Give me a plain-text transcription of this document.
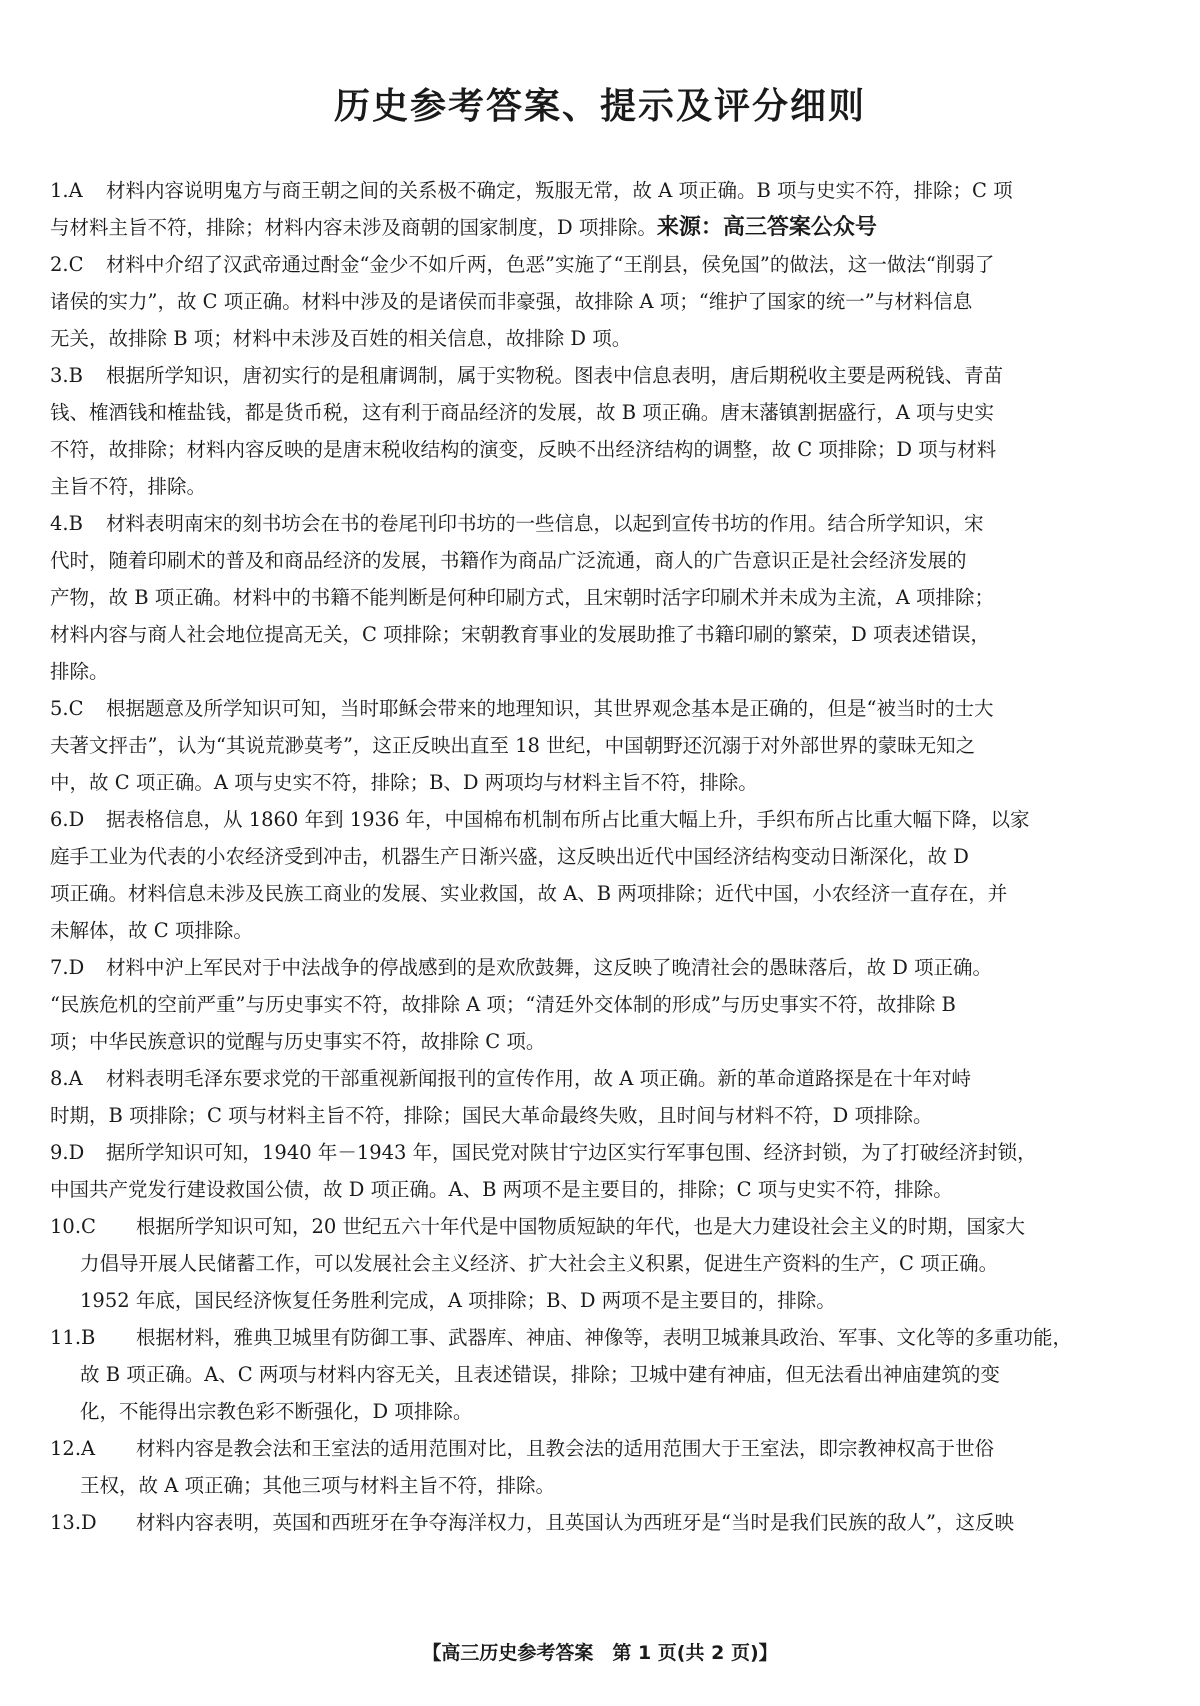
历史参考答案、提示及评分细则
1.A 材料内容说明鬼方与商王朝之间的关系极不确定，叛服无常，故 A 项正确。B 项与史实不符，排除；C 项
与材料主旨不符，排除；材料内容未涉及商朝的国家制度，D 项排除。来源：高三答案公众号
2.C 材料中介绍了汉武帝通过酎金“金少不如斤两，色恶”实施了“王削县，侯免国”的做法，这一做法“削弱了
诸侯的实力”，故 C 项正确。材料中涉及的是诸侯而非豪强，故排除 A 项；“维护了国家的统一”与材料信息
无关，故排除 B 项；材料中未涉及百姓的相关信息，故排除 D 项。
3.B 根据所学知识，唐初实行的是租庸调制，属于实物税。图表中信息表明，唐后期税收主要是两税钱、青苗
钱、榷酒钱和榷盐钱，都是货币税，这有利于商品经济的发展，故 B 项正确。唐末藩镇割据盛行，A 项与史实
不符，故排除；材料内容反映的是唐末税收结构的演变，反映不出经济结构的调整，故 C 项排除；D 项与材料
主旨不符，排除。
4.B 材料表明南宋的刻书坊会在书的卷尾刊印书坊的一些信息，以起到宣传书坊的作用。结合所学知识，宋
代时，随着印刷术的普及和商品经济的发展，书籍作为商品广泛流通，商人的广告意识正是社会经济发展的
产物，故 B 项正确。材料中的书籍不能判断是何种印刷方式，且宋朝时活字印刷术并未成为主流，A 项排除；
材料内容与商人社会地位提高无关，C 项排除；宋朝教育事业的发展助推了书籍印刷的繁荣，D 项表述错误，
排除。
5.C 根据题意及所学知识可知，当时耶稣会带来的地理知识，其世界观念基本是正确的，但是“被当时的士大
夫著文抨击”，认为“其说荒渺莫考”，这正反映出直至 18 世纪，中国朝野还沉溺于对外部世界的蒙昧无知之
中，故 C 项正确。A 项与史实不符，排除；B、D 两项均与材料主旨不符，排除。
6.D 据表格信息，从 1860 年到 1936 年，中国棉布机制布所占比重大幅上升，手织布所占比重大幅下降，以家
庭手工业为代表的小农经济受到冲击，机器生产日渐兴盛，这反映出近代中国经济结构变动日渐深化，故 D
项正确。材料信息未涉及民族工商业的发展、实业救国，故 A、B 两项排除；近代中国，小农经济一直存在，并
未解体，故 C 项排除。
7.D 材料中沪上军民对于中法战争的停战感到的是欢欣鼓舞，这反映了晚清社会的愚昧落后，故 D 项正确。
“民族危机的空前严重”与历史事实不符，故排除 A 项；“清廷外交体制的形成”与历史事实不符，故排除 B
项；中华民族意识的觉醒与历史事实不符，故排除 C 项。
8.A 材料表明毛泽东要求党的干部重视新闻报刊的宣传作用，故 A 项正确。新的革命道路探是在十年对峙
时期，B 项排除；C 项与材料主旨不符，排除；国民大革命最终失败，且时间与材料不符，D 项排除。
9.D 据所学知识可知，1940 年－1943 年，国民党对陕甘宁边区实行军事包围、经济封锁，为了打破经济封锁，
中国共产党发行建设救国公债，故 D 项正确。A、B 两项不是主要目的，排除；C 项与史实不符，排除。
10.C 根据所学知识可知，20 世纪五六十年代是中国物质短缺的年代，也是大力建设社会主义的时期，国家大
力倡导开展人民储蓄工作，可以发展社会主义经济、扩大社会主义积累，促进生产资料的生产，C 项正确。
1952 年底，国民经济恢复任务胜利完成，A 项排除；B、D 两项不是主要目的，排除。
11.B 根据材料，雅典卫城里有防御工事、武器库、神庙、神像等，表明卫城兼具政治、军事、文化等的多重功能，
故 B 项正确。A、C 两项与材料内容无关，且表述错误，排除；卫城中建有神庙，但无法看出神庙建筑的变
化，不能得出宗教色彩不断强化，D 项排除。
12.A 材料内容是教会法和王室法的适用范围对比，且教会法的适用范围大于王室法，即宗教神权高于世俗
王权，故 A 项正确；其他三项与材料主旨不符，排除。
13.D 材料内容表明，英国和西班牙在争夺海洋权力，且英国认为西班牙是“当时是我们民族的敌人”，这反映
【高三历史参考答案　第 1 页(共 2 页)】
